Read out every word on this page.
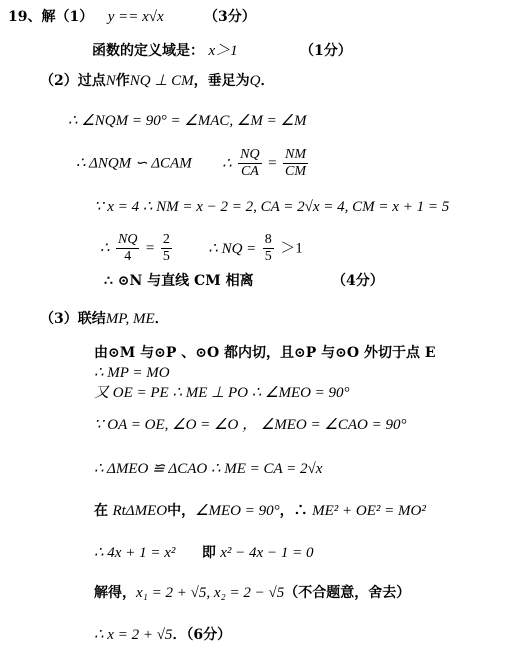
19、解（1） y == x√x	（3分）
函数的定义域是： x＞1	（1分）
（2）过点N作NQ ⊥ CM，垂足为Q．
∴ ∠NQM = 90° = ∠MAC, ∠M = ∠M
∴ ΔNQM ∽ ΔCAM ∴ $\frac{NQ}{CA} = \frac{NM}{CM}$
∵ x = 4 ∴ NM = x − 2 = 2, CA = 2√x = 4, CM = x + 1 = 5
∴ $\frac{NQ}{4} = \frac{2}{5}$ ∴ NQ = $\frac{8}{5} >1$
∴ ⊙N 与直线 CM 相离	（4分）
（3）联结MP, ME．
由⊙M 与⊙P 、⊙O 都内切，且⊙P 与⊙O 外切于点 E
∴ MP = MO
又 OE = PE ∴ ME ⊥ PO ∴ ∠MEO = 90°
∵ OA = OE, ∠O = ∠O ， ∠MEO = ∠CAO = 90°
∴ ΔMEO ≌ ΔCAO ∴ ME = CA = 2√x
在 RtΔMEO中，∠MEO = 90°，∴ ME² + OE² = MO²
∴ 4x + 1 = x² 即 x² − 4x − 1 = 0
解得，x₁ = 2 + √5, x₂ = 2 − √5（不合题意，舍去）
∴ x = 2 + √5．（6分）
